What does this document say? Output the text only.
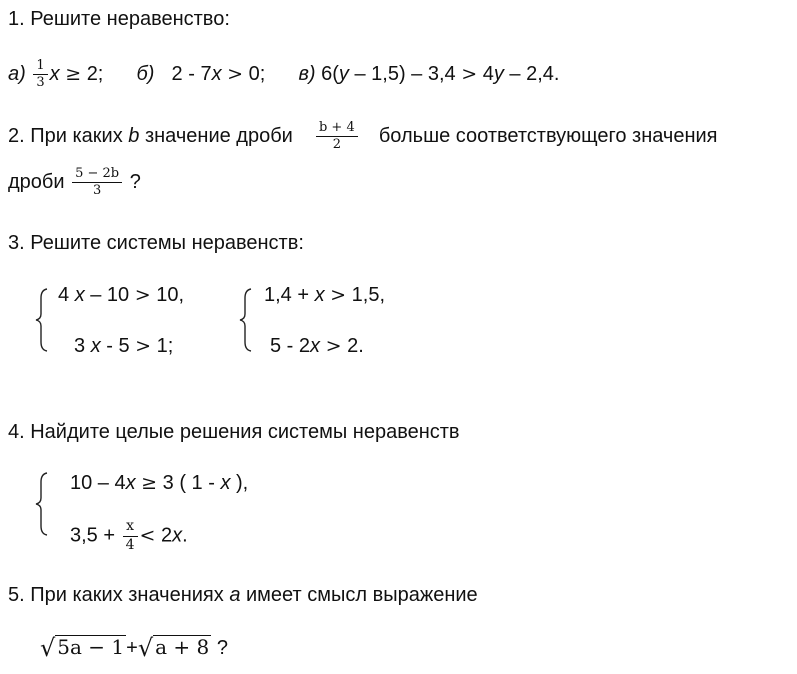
1. Решите неравенство:
$а) \frac{1}{3}$ х ≥ 2; б) 2 - 7x > 0; в) 6(y – 1,5) – 3,4 > 4y – 2,4.
2. При каких b значение дроби $\frac{b + 4}{2}$ больше соответствующего значения
дроби $\frac{5 - 2b}{3}$ ?
3. Решите системы неравенств:
4 x – 10 > 10,
3 x - 5 > 1;
1,4 + x > 1,5,
5 - 2x > 2.
4. Найдите целые решения системы неравенств
10 – 4x ≥ 3 ( 1 - x ),
$3,5 + \frac{x}{4} < 2x$.
5. При каких значениях a имеет смысл выражение
√ 5a − 1 +√ a + 8 ?
